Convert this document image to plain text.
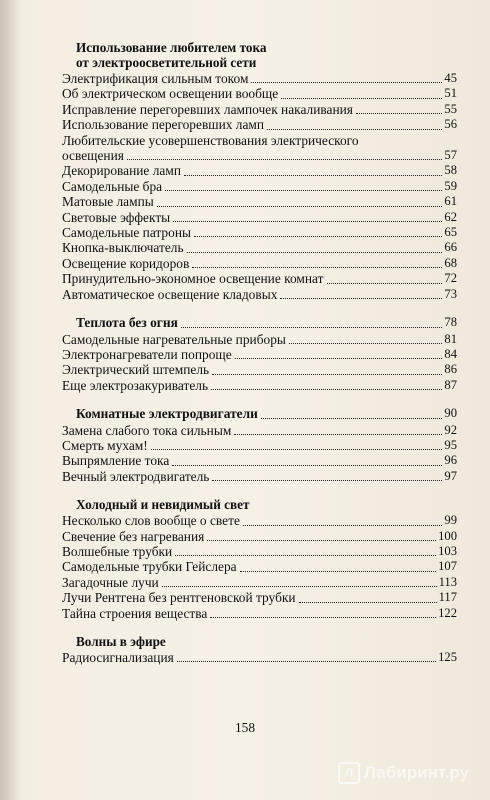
Использование любителем тока
от электроосветительной сети
Электрификация сильным током	45
Об электрическом освещении вообще	51
Исправление перегоревших лампочек накаливания	55
Использование перегоревших ламп	56
Любительские усовершенствования электрического
освещения	57
Декорирование ламп	58
Самодельные бра	59
Матовые лампы	61
Световые эффекты	62
Самодельные патроны	65
Кнопка-выключатель	66
Освещение коридоров	68
Принудительно-экономное освещение комнат	72
Автоматическое освещение кладовых	73
Теплота без огня	78
Самодельные нагревательные приборы	81
Электронагреватели попроще	84
Электрический штемпель	86
Еще электрозакуриватель	87
Комнатные электродвигатели	90
Замена слабого тока сильным	92
Смерть мухам!	95
Выпрямление тока	96
Вечный электродвигатель	97
Холодный и невидимый свет
Несколько слов вообще о свете	99
Свечение без нагревания	100
Волшебные трубки	103
Самодельные трубки Гейслера	107
Загадочные лучи	113
Лучи Рентгена без рентгеновской трубки	117
Тайна строения вещества	122
Волны в эфире
Радиосигнализация	125
158
Л Лабиринт.ру
